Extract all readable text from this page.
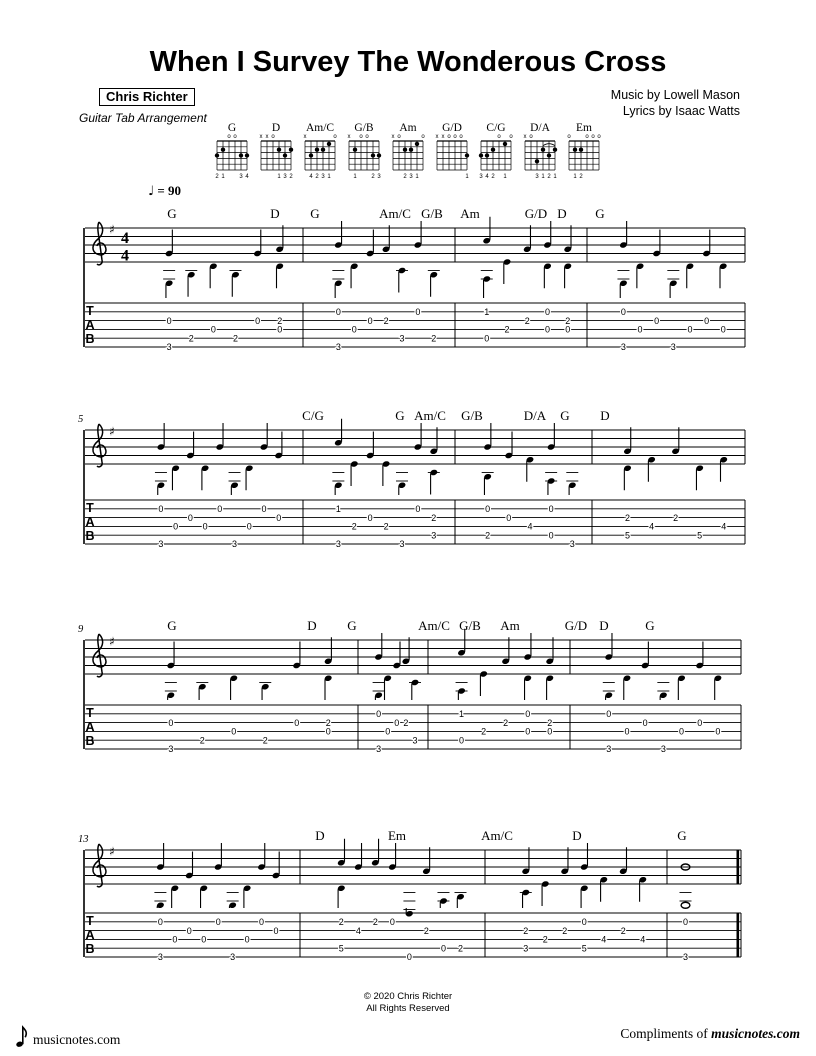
When I Survey The Wonderous Cross
Chris Richter
Guitar Tab Arrangement
Music by Lowell Mason
Lyrics by Isaac Watts
G
o o
2 1 3 4
D
x x o
1 3 2
Am/C
x	o
4 2 3 1
G/B
x o o
1 2 3
Am
x o	o
2 3 1
G/D
x x o o o
1
C/G
o o
3 4 2 1
D/A
x o
3 1 2 1
Em
o o o o
1 2
♩ = 90
♯
4
4
G	D G	Am/C G/B Am	G/D D G
T
A
B
0
3
2
0
2
0 2
0
0
3
0
0 2
3
0
2
1
0
2
2
0
0
2
0
0
3
0
0
3
0
0
0
♯
5	C/G	G Am/C G/B	D/A G D
T
A
B
0
3
0
0
0
0
3
0
0
0
1
3
2
0
2
3
0
2
3
0
2
0
4
0
0
3
2
5
4
2
5
4
♯
9	G	D G	Am/C G/B Am	G/D D	G
T
A
B
0
3
2
0
2
0	2
0
0
3
0
0 2
3
1
0
2
2
0
0
2
0
0
3
0
0
3
0
0
0
♯
13	D	Em	Am/C	D	G
T
A
B
0
3
0
0
0
0
3
0
0
0
2
5
4
2 0
0
2
0 2
2
3
2
2
0
5
4
2
4
0
3
© 2020 Chris Richter
All Rights Reserved
musicnotes.com	Compliments of musicnotes.com
